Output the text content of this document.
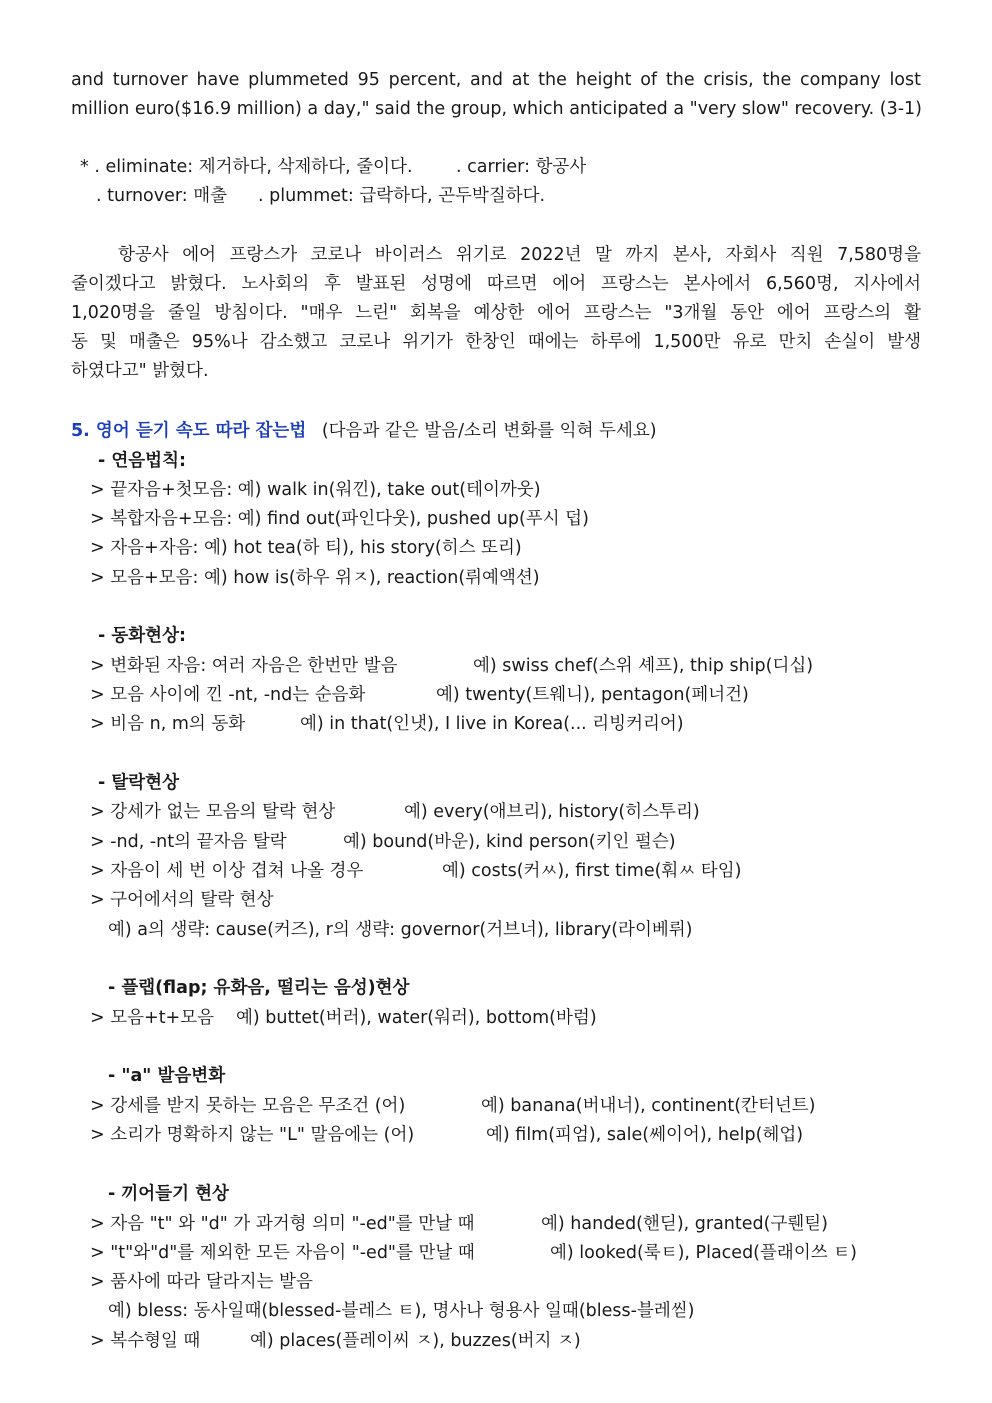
and turnover have plummeted 95 percent, and at the height of the crisis, the company lost
million euro($16.9 million) a day," said the group, which anticipated a "very slow" recovery. (3-1)
* . eliminate: 제거하다, 삭제하다, 줄이다. . carrier: 항공사
. turnover: 매출 . plummet: 급락하다, 곤두박질하다.
항공사 에어 프랑스가 코로나 바이러스 위기로 2022년 말 까지 본사, 자회사 직원 7,580명을
줄이겠다고 밝혔다. 노사회의 후 발표된 성명에 따르면 에어 프랑스는 본사에서 6,560명, 지사에서
1,020명을 줄일 방침이다. "매우 느린" 회복을 예상한 에어 프랑스는 "3개월 동안 에어 프랑스의 활
동 및 매출은 95%나 감소했고 코로나 위기가 한창인 때에는 하루에 1,500만 유로 만치 손실이 발생
하였다고" 밝혔다.
5. 영어 듣기 속도 따라 잡는법 (다음과 같은 발음/소리 변화를 익혀 두세요)
- 연음법칙:
> 끝자음+첫모음: 예) walk in(워낀), take out(테이까웃)
> 복합자음+모음: 예) find out(파인다웃), pushed up(푸시 덥)
> 자음+자음: 예) hot tea(하 티), his story(히스 또리)
> 모음+모음: 예) how is(하우 위ㅈ), reaction(뤼예액션)
- 동화현상:
> 변화된 자음: 여러 자음은 한번만 발음	예) swiss chef(스위 셰프), thip ship(디십)
> 모음 사이에 낀 -nt, -nd는 순음화	예) twenty(트웨니), pentagon(페너건)
> 비음 n, m의 동화	예) in that(인냇), I live in Korea(... 리빙커리어)
- 탈락현상
> 강세가 없는 모음의 탈락 현상	예) every(애브리), history(히스투리)
> -nd, -nt의 끝자음 탈락	예) bound(바운), kind person(키인 펄슨)
> 자음이 세 번 이상 겹쳐 나올 경우	예) costs(커ㅆ), first time(훠ㅆ 타임)
> 구어에서의 탈락 현상
예) a의 생략: cause(커즈), r의 생략: governor(거브너), library(라이베뤼)
- 플랩(flap; 유화음, 떨리는 음성)현상
> 모음+t+모음 예) buttet(버러), water(워러), bottom(바럼)
- "a" 발음변화
> 강세를 받지 못하는 모음은 무조건 (어)	예) banana(버내너), continent(칸터넌트)
> 소리가 명확하지 않는 "L" 말음에는 (어)	예) film(피엄), sale(쎄이어), help(헤업)
- 끼어들기 현상
> 자음 "t" 와 "d" 가 과거형 의미 "-ed"를 만날 때	예) handed(핸딛), granted(구뤤틷)
> "t"와"d"를 제외한 모든 자음이 "-ed"를 만날 때	예) looked(룩ㅌ), Placed(플래이쓰 ㅌ)
> 품사에 따라 달라지는 발음
예) bless: 동사일때(blessed-블레스 ㅌ), 명사나 형용사 일때(bless-블레씯)
> 복수형일 때	예) places(플레이씨 ㅈ), buzzes(버지 ㅈ)
